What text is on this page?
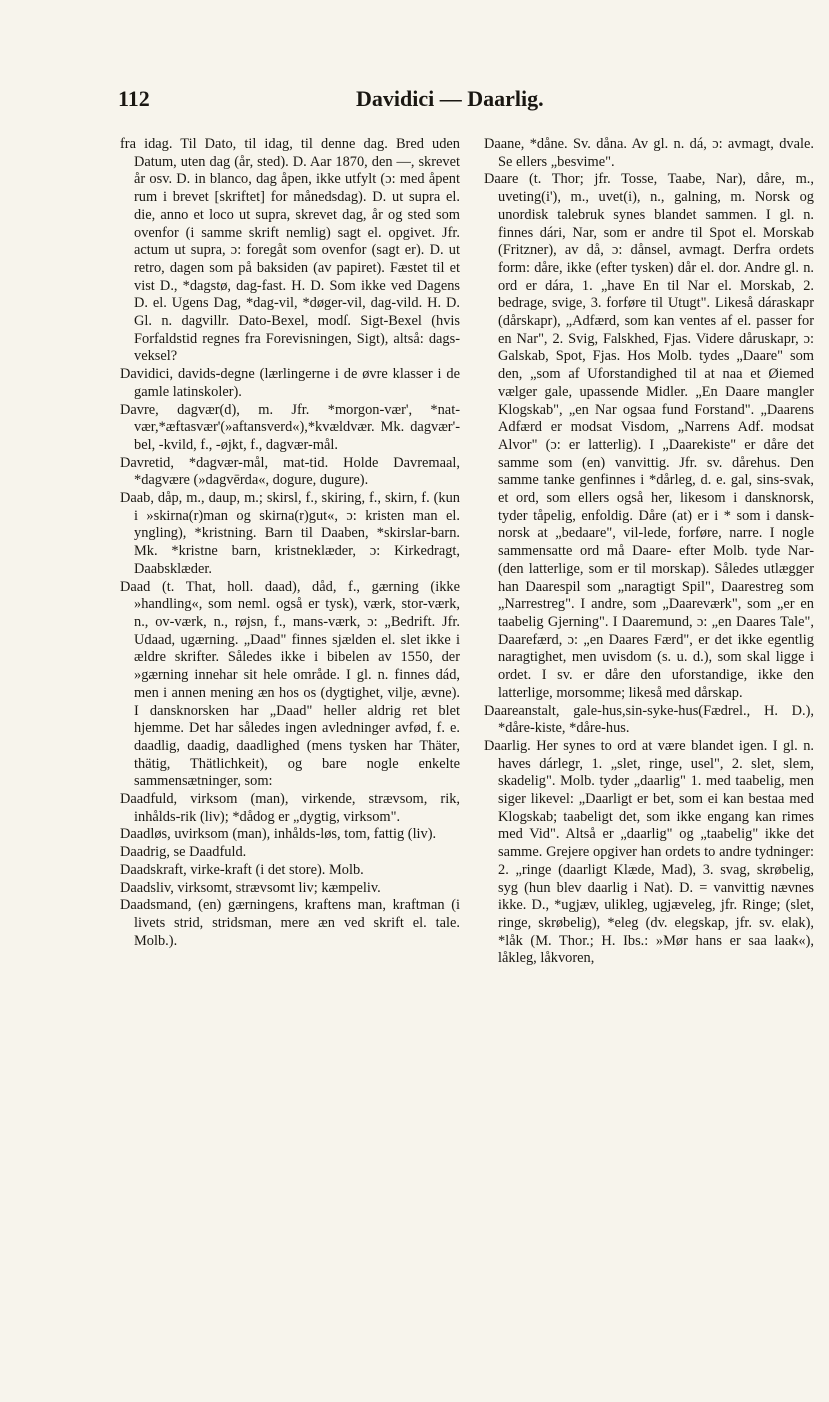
112	Davidici — Daarlig.

fra idag. Til Dato, til idag, til denne dag. Bred uden Datum, uten dag (år, sted). D. Aar 1870, den —, skrevet år osv. D. in blanco, dag åpen, ikke utfylt (ɔ: med åpent rum i brevet [skriftet] for månedsdag). D. ut supra el. die, anno et loco ut supra, skrevet dag, år og sted som ovenfor (i samme skrift nemlig) sagt el. opgivet. Jfr. actum ut supra, ɔ: foregåt som ovenfor (sagt er). D. ut retro, dagen som på baksiden (av papiret). Fæstet til et vist D., *dagstø, dag-fast. H. D. Som ikke ved Dagens D. el. Ugens Dag, *dag-vil, *døger-vil, dag-vild. H. D. Gl. n. dagvillr. Dato-Bexel, modſ. Sigt-Bexel (hvis Forfaldstid regnes fra Forevisningen, Sigt), altså: dags-veksel?

Davidici, davids-degne (lærlingerne i de øvre klasser i de gamle latinskoler).

Davre, dagvær(d), m. Jfr. *morgon-vær', *nat-vær,*æftasvær'(»aftansverd«),*kvældvær. Mk. dagvær'-bel, -kvild, f., -øjkt, f., dagvær-mål.

Davretid, *dagvær-mål, mat-tid. Holde Davremaal, *dagvære (»dagvērda«, dogure, dugure).

Daab, dåp, m., daup, m.; skirsl, f., skiring, f., skirn, f. (kun i »skirna(r)man og skirna(r)gut«, ɔ: kristen man el. yngling), *kristning. Barn til Daaben, *skirslar-barn. Mk. *kristne barn, kristneklæder, ɔ: Kirkedragt, Daabsklæder.

Daad (t. That, holl. daad), dåd, f., gærning (ikke »handling«, som neml. også er tysk), værk, stor-værk, n., ov-værk, n., røjsn, f., mans-værk, ɔ: „Bedrift. Jfr. Udaad, ugærning. „Daad" finnes sjælden el. slet ikke i ældre skrifter. Således ikke i bibelen av 1550, der »gærning innehar sit hele område. I gl. n. finnes dád, men i annen mening æn hos os (dygtighet, vilje, ævne). I dansknorsken har „Daad" heller aldrig ret blet hjemme. Det har således ingen avledninger avfød, f. e. daadlig, daadig, daadlighed (mens tysken har Thäter, thätig, Thätlichkeit), og bare nogle enkelte sammensætninger, som:

Daadfuld, virksom (man), virkende, strævsom, rik, inhålds-rik (liv); *dådog er „dygtig, virksom".

Daadløs, uvirksom (man), inhålds-løs, tom, fattig (liv).

Daadrig, se Daadfuld.

Daadskraft, virke-kraft (i det store). Molb.

Daadsliv, virksomt, strævsomt liv; kæmpeliv.

Daadsmand, (en) gærningens, kraftens man, kraftman (i livets strid, stridsman, mere æn ved skrift el. tale. Molb.).

Daane, *dåne. Sv. dåna. Av gl. n. dá, ɔ: avmagt, dvale. Se ellers „besvime".

Daare (t. Thor; jfr. Tosse, Taabe, Nar), dåre, m., uveting(i'), m., uvet(i), n., galning, m. Norsk og unordisk talebruk synes blandet sammen. I gl. n. finnes dári, Nar, som er andre til Spot el. Morskab (Fritzner), av då, ɔ: dånsel, avmagt. Derfra ordets form: dåre, ikke (efter tysken) dår el. dor. Andre gl. n. ord er dára, 1. „have En til Nar el. Morskab, 2. bedrage, svige, 3. forføre til Utugt". Likeså dáraskapr (dårskapr), „Adfærd, som kan ventes af el. passer for en Nar", 2. Svig, Falskhed, Fjas. Videre dåruskapr, ɔ: Galskab, Spot, Fjas. Hos Molb. tydes „Daare" som den, „som af Uforstandighed til at naa et Øiemed vælger gale, upassende Midler. „En Daare mangler Klogskab", „en Nar ogsaa fund Forstand". „Daarens Adfærd er modsat Visdom, „Narrens Adf. modsat Alvor" (ɔ: er latterlig). I „Daarekiste" er dåre det samme som (en) vanvittig. Jfr. sv. dårehus. Den samme tanke genfinnes i *dårleg, d. e. gal, sins-svak, et ord, som ellers også her, likesom i dansknorsk, tyder tåpelig, enfoldig. Dåre (at) er i * som i dansk-norsk at „bedaare", vil-lede, forføre, narre. I nogle sammensatte ord må Daare- efter Molb. tyde Nar- (den latterlige, som er til morskap). Således utlægger han Daarespil som „naragtigt Spil", Daarestreg som „Narrestreg". I andre, som „Daareværk", som „er en taabelig Gjerning". I Daaremund, ɔ: „en Daares Tale", Daarefærd, ɔ: „en Daares Færd", er det ikke egentlig naragtighet, men uvisdom (s. u. d.), som skal ligge i ordet. I sv. er dåre den uforstandige, ikke den latterlige, morsomme; likeså med dårskap.

Daareanstalt, gale-hus,sin-syke-hus(Fædrel., H. D.), *dåre-kiste, *dåre-hus.

Daarlig. Her synes to ord at være blandet igen. I gl. n. haves dárlegr, 1. „slet, ringe, usel", 2. slet, slem, skadelig". Molb. tyder „daarlig" 1. med taabelig, men siger likevel: „Daarligt er bet, som ei kan bestaa med Klogskab; taabeligt det, som ikke engang kan rimes med Vid". Altså er „daarlig" og „taabelig" ikke det samme. Grejere opgiver han ordets to andre tydninger: 2. „ringe (daarligt Klæde, Mad), 3. svag, skrøbelig, syg (hun blev daarlig i Nat). D. = vanvittig nævnes ikke. D., *ugjæv, ulikleg, ugjæveleg, jfr. Ringe; (slet, ringe, skrøbelig), *eleg (dv. elegskap, jfr. sv. elak), *låk (M. Thor.; H. Ibs.: »Mør hans er saa laak«), låkleg, låkvoren,
